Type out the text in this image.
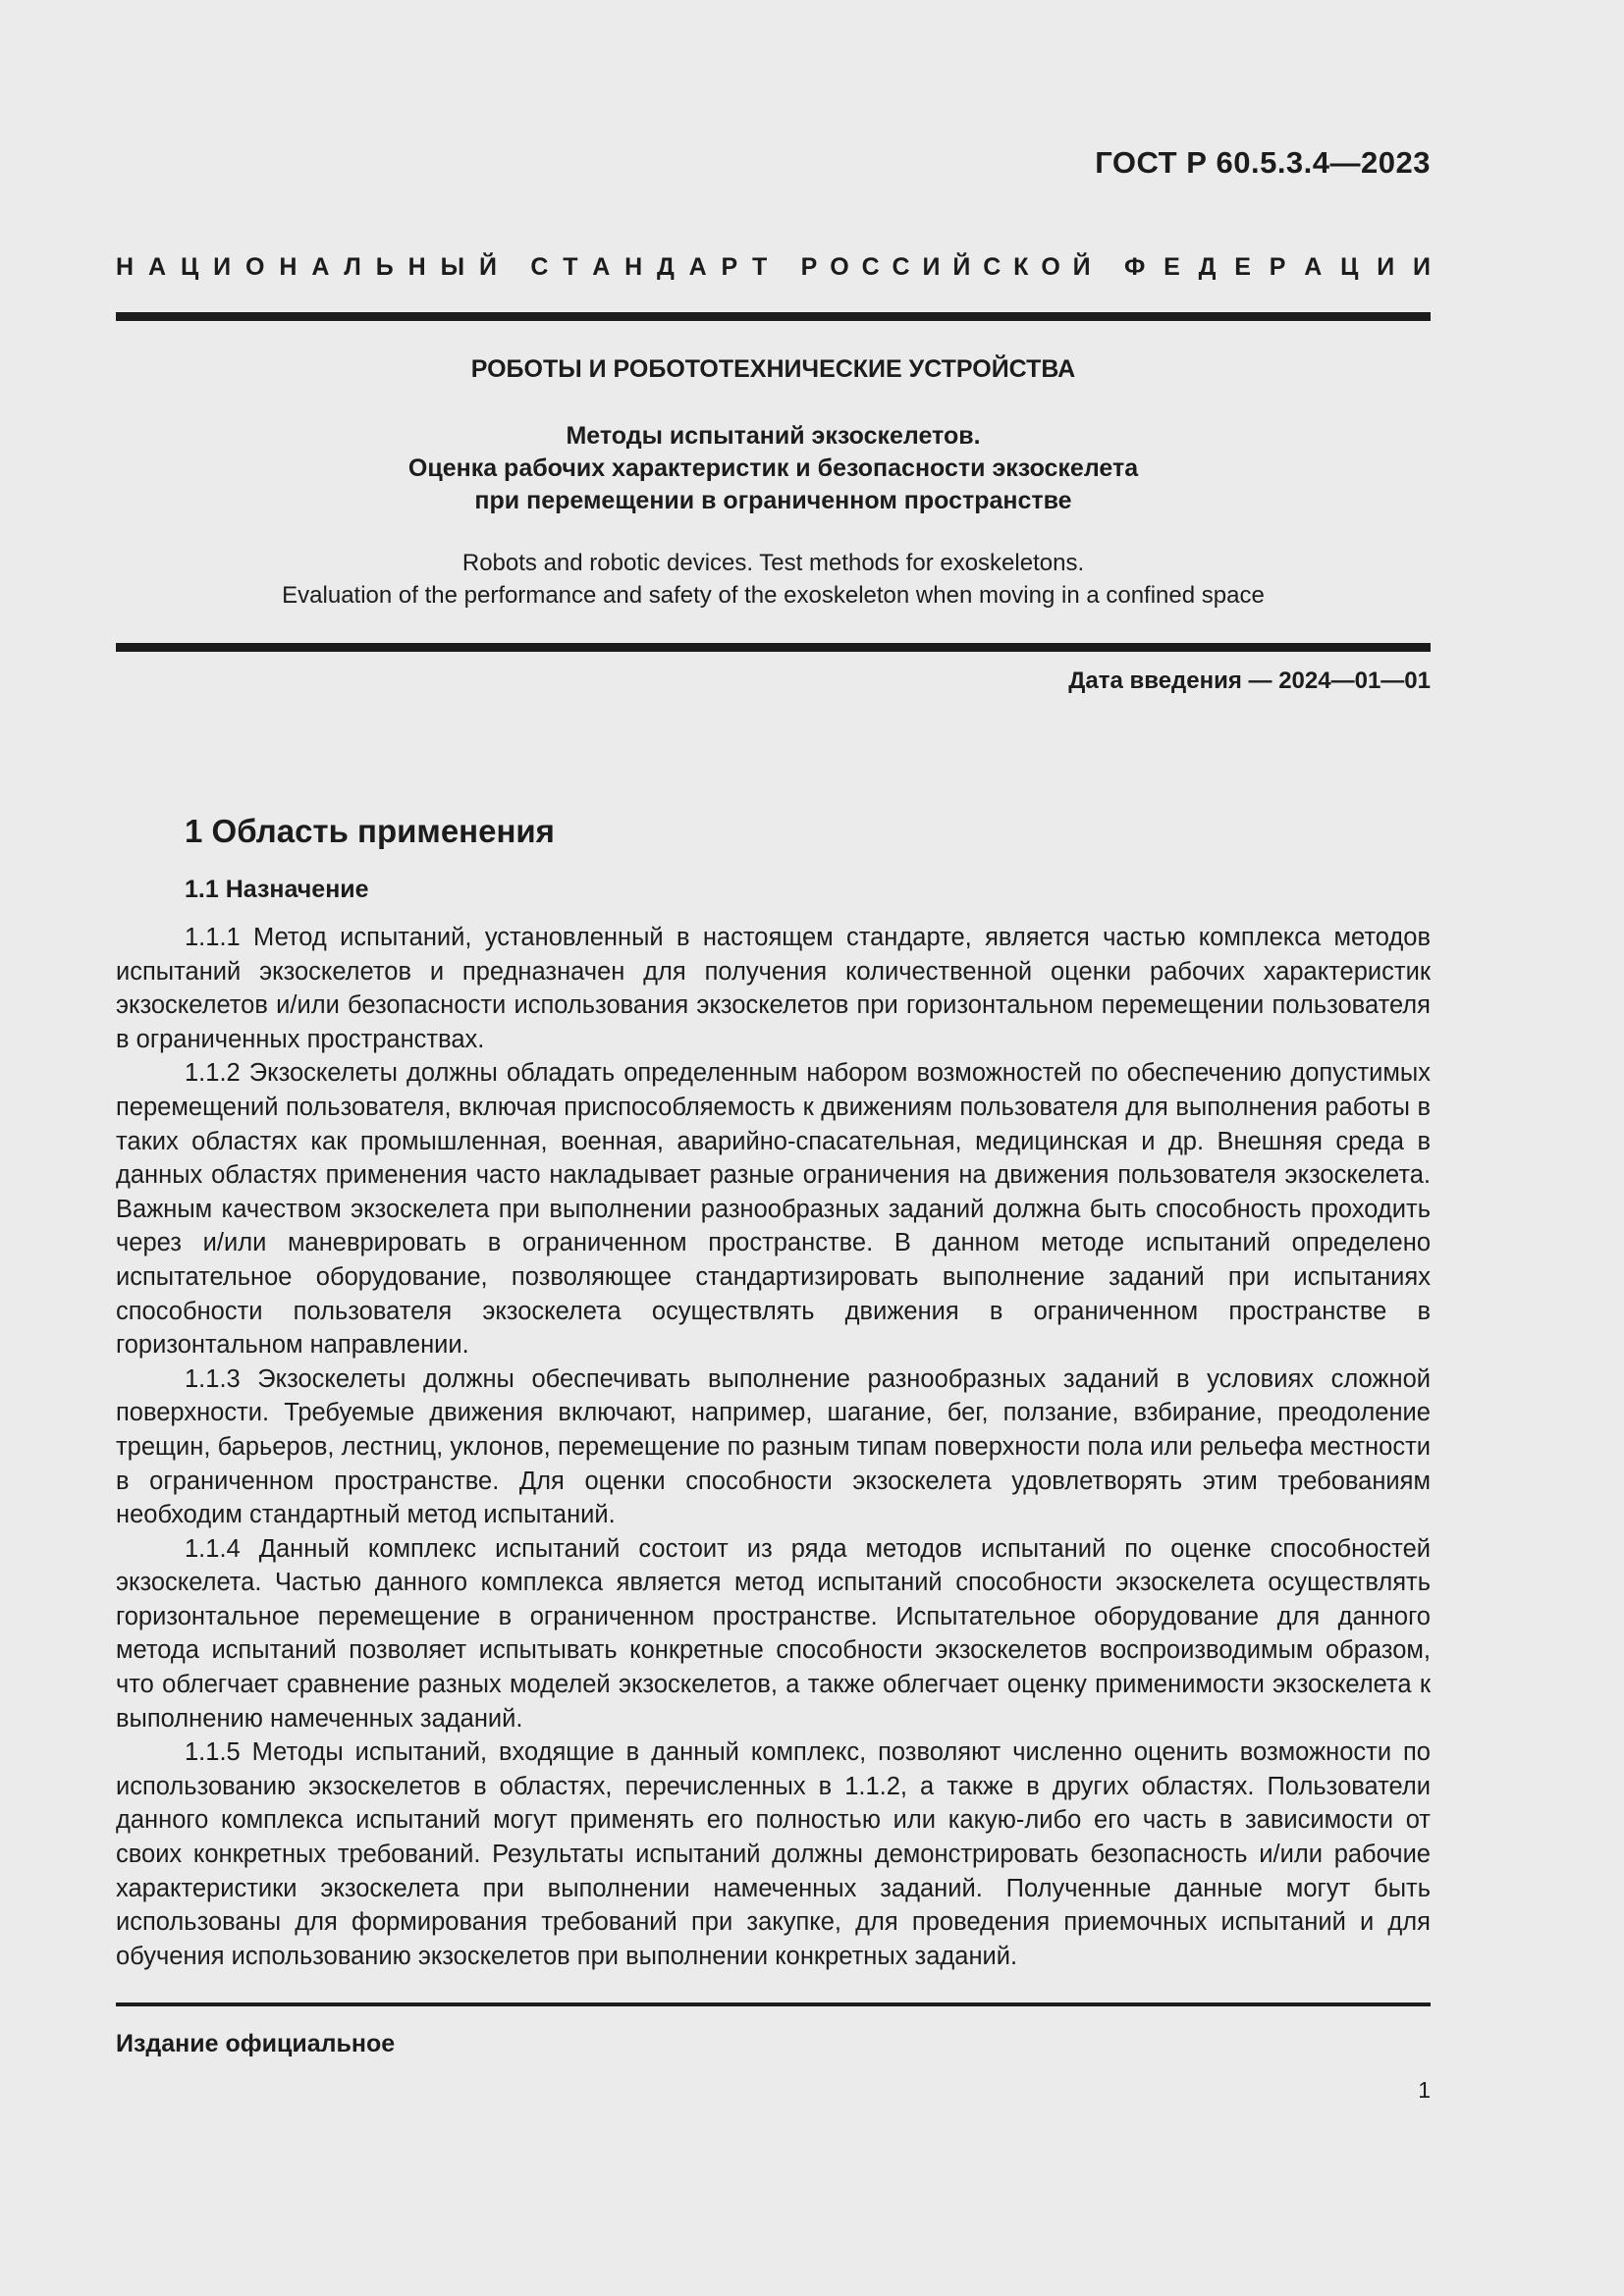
ГОСТ Р 60.5.3.4—2023
Н А Ц И О Н А Л Ь Н Ы Й С Т А Н Д А Р Т Р О С С И Й С К О Й Ф Е Д Е Р А Ц И И
РОБОТЫ И РОБОТОТЕХНИЧЕСКИЕ УСТРОЙСТВА
Методы испытаний экзоскелетов.
Оценка рабочих характеристик и безопасности экзоскелета
при перемещении в ограниченном пространстве
Robots and robotic devices. Test methods for exoskeletons.
Evaluation of the performance and safety of the exoskeleton when moving in a confined space
Дата введения — 2024—01—01
1 Область применения
1.1 Назначение

1.1.1 Метод испытаний, установленный в настоящем стандарте, является частью комплекса методов испытаний экзоскелетов и предназначен для получения количественной оценки рабочих характеристик экзоскелетов и/или безопасности использования экзоскелетов при горизонтальном перемещении пользователя в ограниченных пространствах.

1.1.2 Экзоскелеты должны обладать определенным набором возможностей по обеспечению допустимых перемещений пользователя, включая приспособляемость к движениям пользователя для выполнения работы в таких областях как промышленная, военная, аварийно-спасательная, медицинская и др. Внешняя среда в данных областях применения часто накладывает разные ограничения на движения пользователя экзоскелета. Важным качеством экзоскелета при выполнении разнообразных заданий должна быть способность проходить через и/или маневрировать в ограниченном пространстве. В данном методе испытаний определено испытательное оборудование, позволяющее стандартизировать выполнение заданий при испытаниях способности пользователя экзоскелета осуществлять движения в ограниченном пространстве в горизонтальном направлении.

1.1.3 Экзоскелеты должны обеспечивать выполнение разнообразных заданий в условиях сложной поверхности. Требуемые движения включают, например, шагание, бег, ползание, взбирание, преодоление трещин, барьеров, лестниц, уклонов, перемещение по разным типам поверхности пола или рельефа местности в ограниченном пространстве. Для оценки способности экзоскелета удовлетворять этим требованиям необходим стандартный метод испытаний.

1.1.4 Данный комплекс испытаний состоит из ряда методов испытаний по оценке способностей экзоскелета. Частью данного комплекса является метод испытаний способности экзоскелета осуществлять горизонтальное перемещение в ограниченном пространстве. Испытательное оборудование для данного метода испытаний позволяет испытывать конкретные способности экзоскелетов воспроизводимым образом, что облегчает сравнение разных моделей экзоскелетов, а также облегчает оценку применимости экзоскелета к выполнению намеченных заданий.

1.1.5 Методы испытаний, входящие в данный комплекс, позволяют численно оценить возможности по использованию экзоскелетов в областях, перечисленных в 1.1.2, а также в других областях. Пользователи данного комплекса испытаний могут применять его полностью или какую-либо его часть в зависимости от своих конкретных требований. Результаты испытаний должны демонстрировать безопасность и/или рабочие характеристики экзоскелета при выполнении намеченных заданий. Полученные данные могут быть использованы для формирования требований при закупке, для проведения приемочных испытаний и для обучения использованию экзоскелетов при выполнении конкретных заданий.

Издание официальное
1
